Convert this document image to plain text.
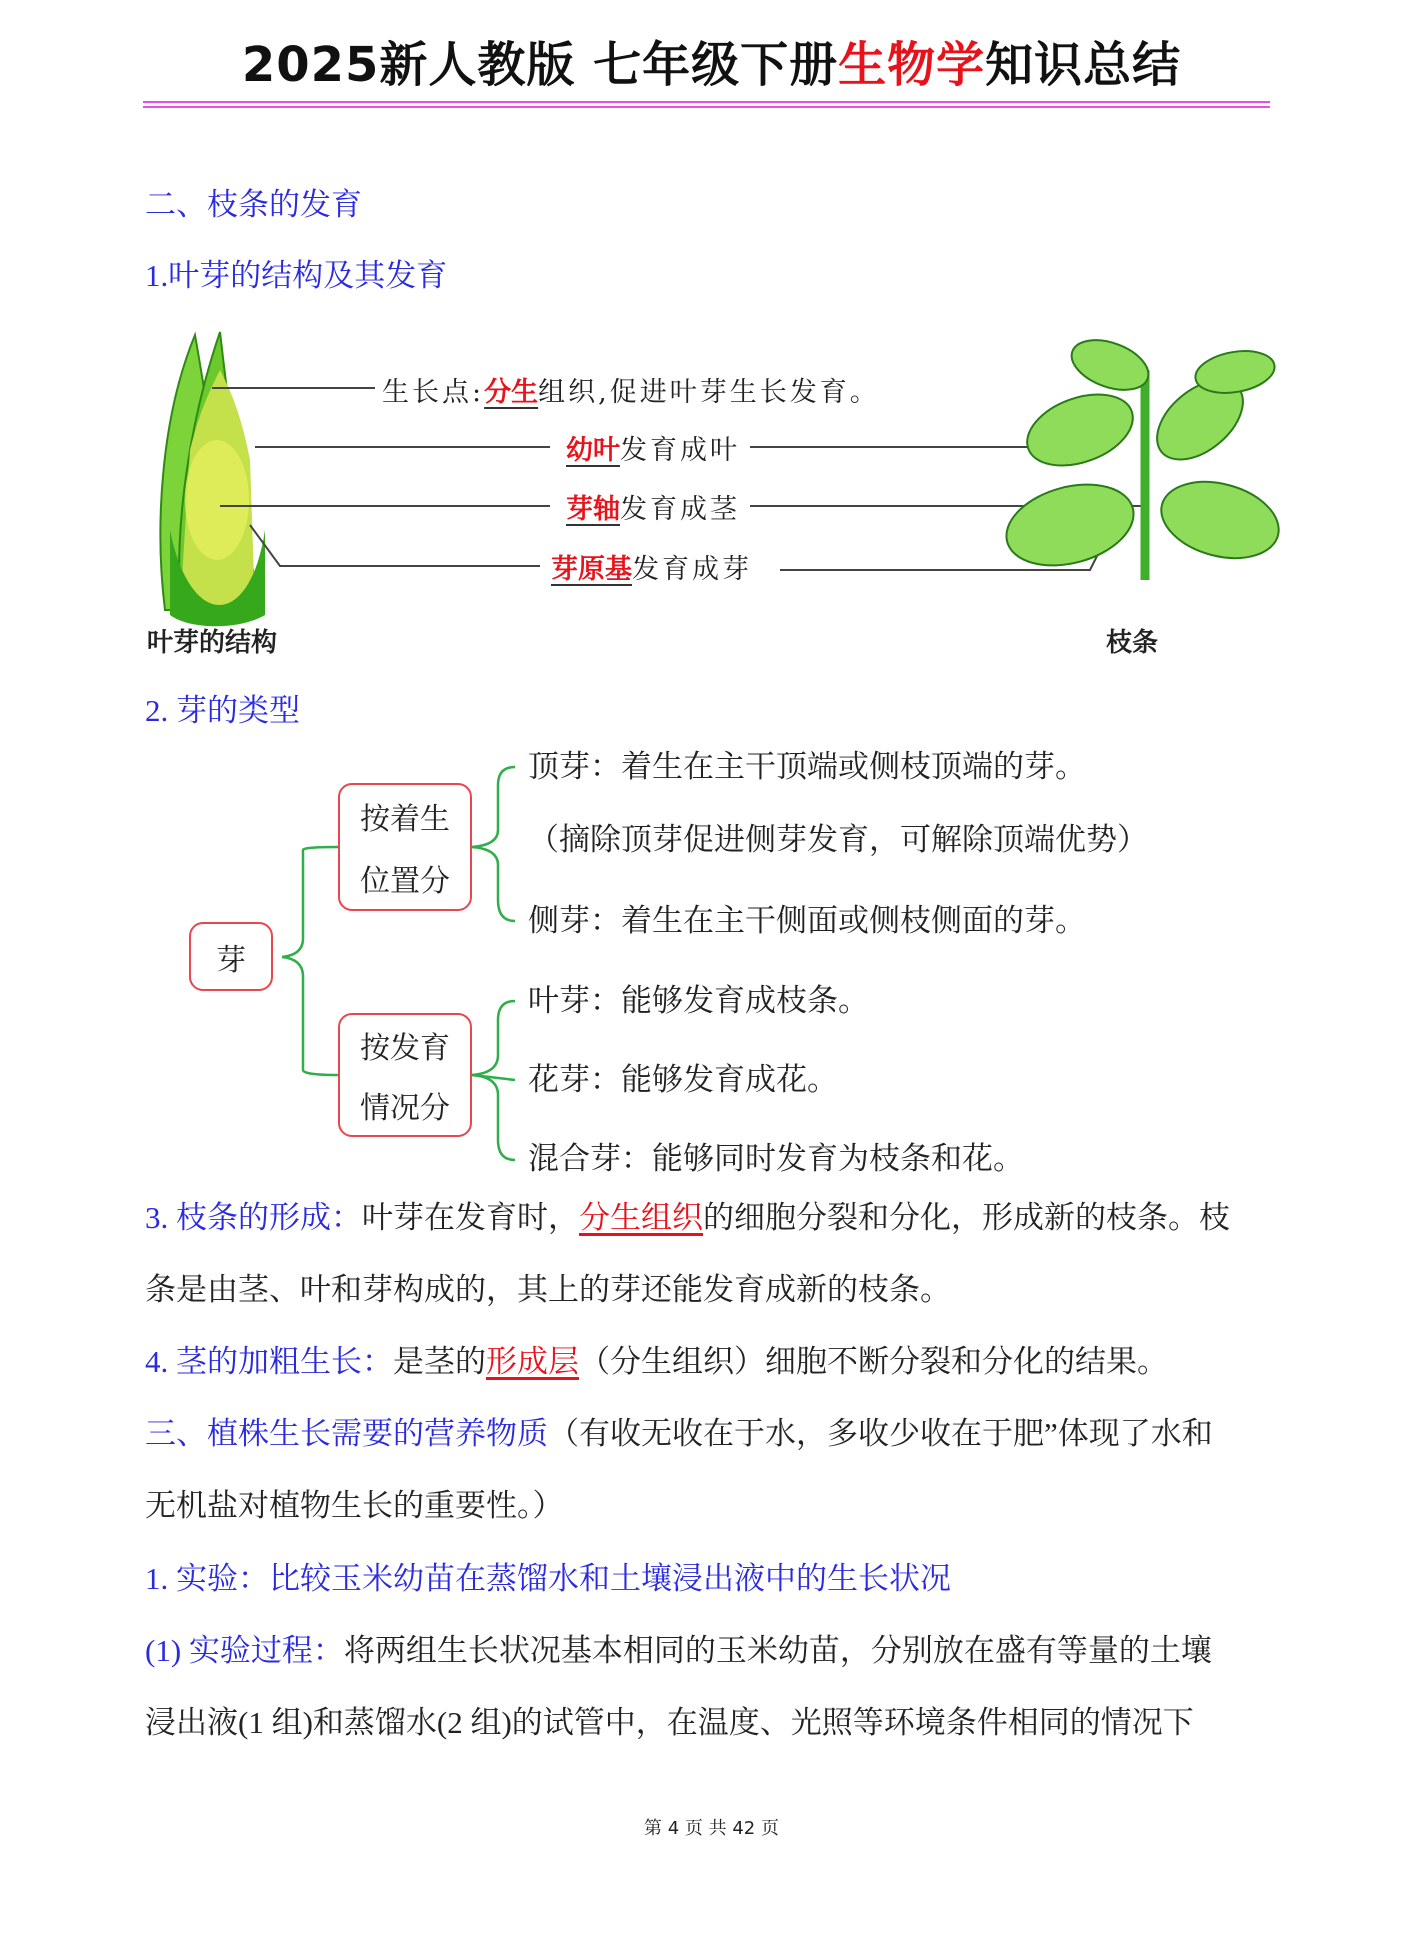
2025新人教版 七年级下册生物学知识总结
二、枝条的发育
1.叶芽的结构及其发育
生长点:分生组织,促进叶芽生长发育。
幼叶发育成叶
芽轴发育成茎
芽原基发育成芽
叶芽的结构	枝条
2. 芽的类型
芽
按着生
位置分
按发育
情况分
顶芽：着生在主干顶端或侧枝顶端的芽。
（摘除顶芽促进侧芽发育，可解除顶端优势）
侧芽：着生在主干侧面或侧枝侧面的芽。
叶芽：能够发育成枝条。
花芽：能够发育成花。
混合芽：能够同时发育为枝条和花。
3. 枝条的形成：叶芽在发育时，分生组织的细胞分裂和分化，形成新的枝条。枝
条是由茎、叶和芽构成的，其上的芽还能发育成新的枝条。
4. 茎的加粗生长：是茎的形成层（分生组织）细胞不断分裂和分化的结果。
三、植株生长需要的营养物质（有收无收在于水，多收少收在于肥”体现了水和
无机盐对植物生长的重要性。）
1. 实验：比较玉米幼苗在蒸馏水和土壤浸出液中的生长状况
(1) 实验过程：将两组生长状况基本相同的玉米幼苗，分别放在盛有等量的土壤
浸出液(1 组)和蒸馏水(2 组)的试管中，在温度、光照等环境条件相同的情况下
第 4 页 共 42 页
